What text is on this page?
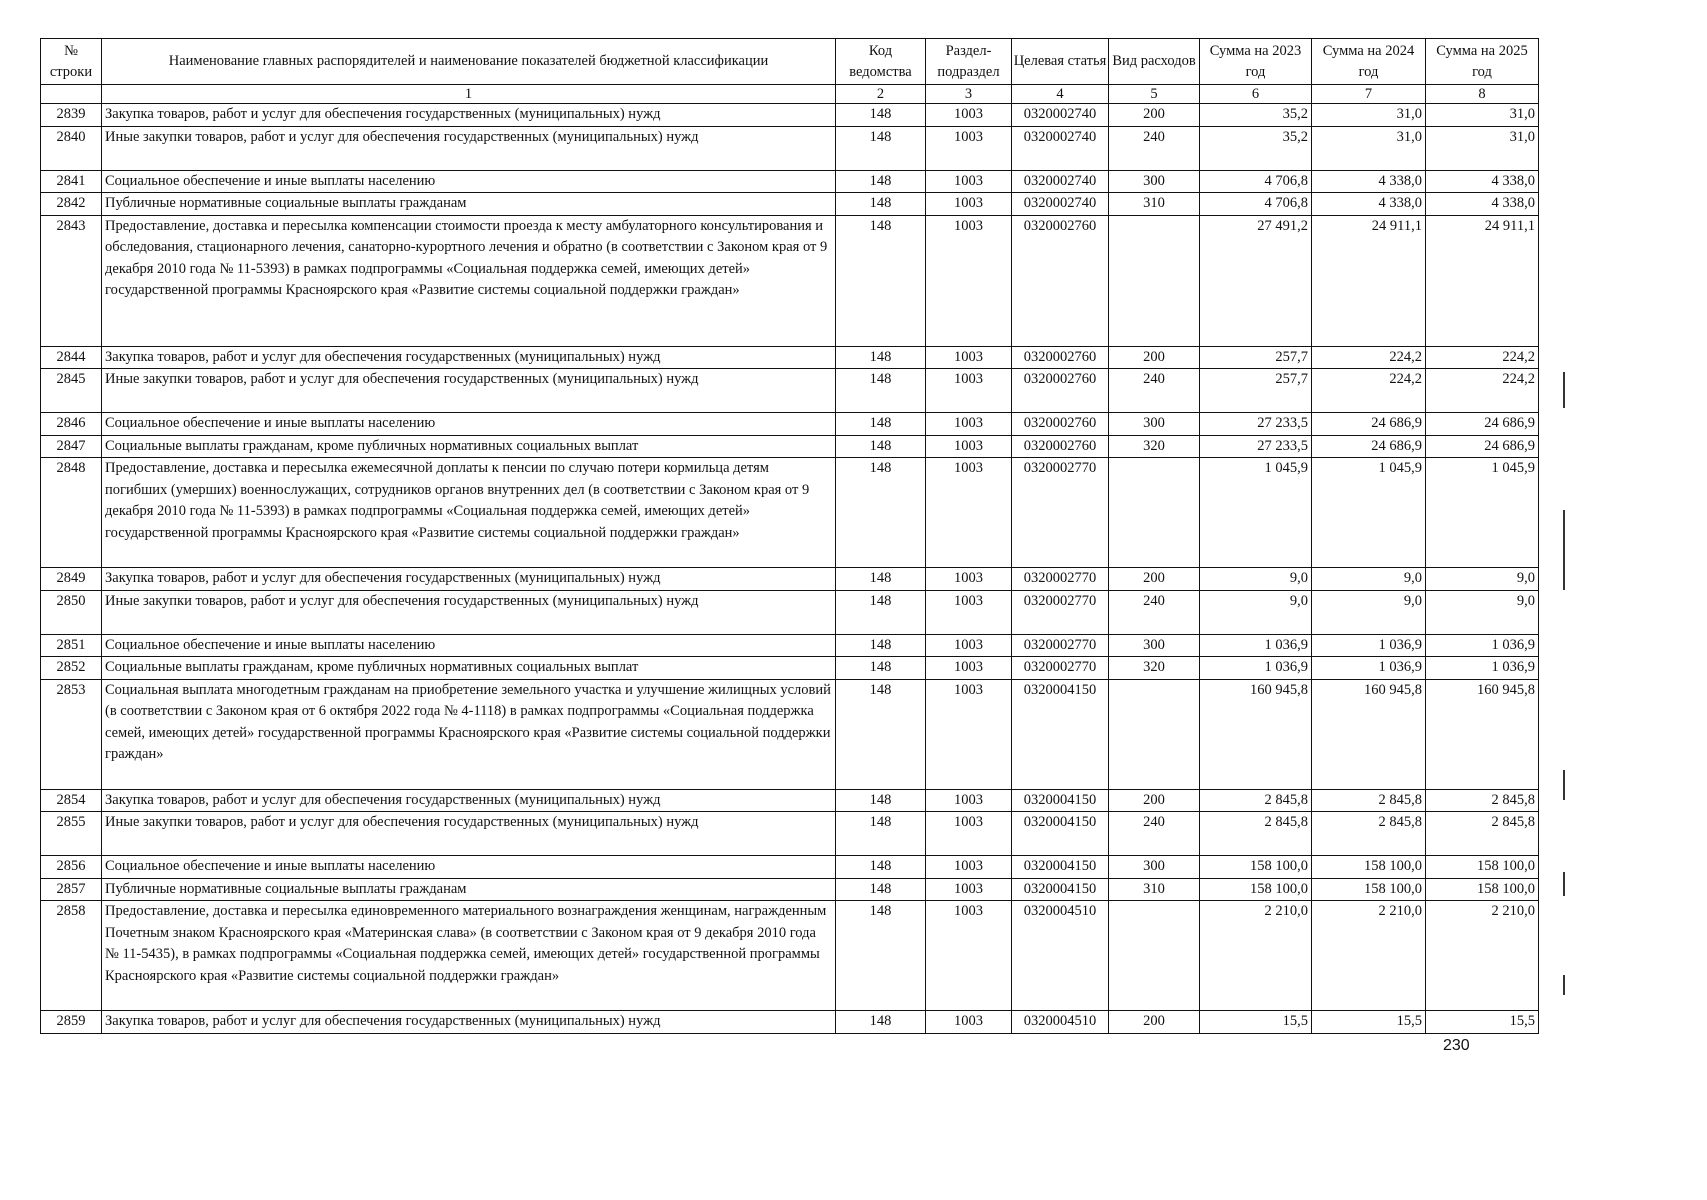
№ строки	Наименование главных распорядителей и наименование показателей бюджетной классификации	Код ведомства	Раздел-подраздел	Целевая статья	Вид расходов	Сумма на 2023 год	Сумма на 2024 год	Сумма на 2025 год
	1	2	3	4	5	6	7	8
2839	Закупка товаров, работ и услуг для обеспечения государственных (муниципальных) нужд	148	1003	0320002740	200	35,2	31,0	31,0
2840	Иные закупки товаров, работ и услуг для обеспечения государственных (муниципальных) нужд	148	1003	0320002740	240	35,2	31,0	31,0
2841	Социальное обеспечение и иные выплаты населению	148	1003	0320002740	300	4 706,8	4 338,0	4 338,0
2842	Публичные нормативные социальные выплаты гражданам	148	1003	0320002740	310	4 706,8	4 338,0	4 338,0
2843	Предоставление, доставка и пересылка компенсации стоимости проезда к месту амбулаторного консультирования и обследования, стационарного лечения, санаторно-курортного лечения и обратно (в соответствии с Законом края от 9 декабря 2010 года № 11-5393) в рамках подпрограммы «Социальная поддержка семей, имеющих детей» государственной программы Красноярского края «Развитие системы социальной поддержки граждан»	148	1003	0320002760		27 491,2	24 911,1	24 911,1
2844	Закупка товаров, работ и услуг для обеспечения государственных (муниципальных) нужд	148	1003	0320002760	200	257,7	224,2	224,2
2845	Иные закупки товаров, работ и услуг для обеспечения государственных (муниципальных) нужд	148	1003	0320002760	240	257,7	224,2	224,2
2846	Социальное обеспечение и иные выплаты населению	148	1003	0320002760	300	27 233,5	24 686,9	24 686,9
2847	Социальные выплаты гражданам, кроме публичных нормативных социальных выплат	148	1003	0320002760	320	27 233,5	24 686,9	24 686,9
2848	Предоставление, доставка и пересылка ежемесячной доплаты к пенсии по случаю потери кормильца детям погибших (умерших) военнослужащих, сотрудников органов внутренних дел (в соответствии с Законом края от 9 декабря 2010 года № 11-5393) в рамках подпрограммы «Социальная поддержка семей, имеющих детей» государственной программы Красноярского края «Развитие системы социальной поддержки граждан»	148	1003	0320002770		1 045,9	1 045,9	1 045,9
2849	Закупка товаров, работ и услуг для обеспечения государственных (муниципальных) нужд	148	1003	0320002770	200	9,0	9,0	9,0
2850	Иные закупки товаров, работ и услуг для обеспечения государственных (муниципальных) нужд	148	1003	0320002770	240	9,0	9,0	9,0
2851	Социальное обеспечение и иные выплаты населению	148	1003	0320002770	300	1 036,9	1 036,9	1 036,9
2852	Социальные выплаты гражданам, кроме публичных нормативных социальных выплат	148	1003	0320002770	320	1 036,9	1 036,9	1 036,9
2853	Социальная выплата многодетным гражданам на приобретение земельного участка и улучшение жилищных условий (в соответствии с Законом края от 6 октября 2022 года № 4-1118) в рамках подпрограммы «Социальная поддержка семей, имеющих детей» государственной программы Красноярского края «Развитие системы социальной поддержки граждан»	148	1003	0320004150		160 945,8	160 945,8	160 945,8
2854	Закупка товаров, работ и услуг для обеспечения государственных (муниципальных) нужд	148	1003	0320004150	200	2 845,8	2 845,8	2 845,8
2855	Иные закупки товаров, работ и услуг для обеспечения государственных (муниципальных) нужд	148	1003	0320004150	240	2 845,8	2 845,8	2 845,8
2856	Социальное обеспечение и иные выплаты населению	148	1003	0320004150	300	158 100,0	158 100,0	158 100,0
2857	Публичные нормативные социальные выплаты гражданам	148	1003	0320004150	310	158 100,0	158 100,0	158 100,0
2858	Предоставление, доставка и пересылка единовременного материального вознаграждения женщинам, награжденным Почетным знаком Красноярского края «Материнская слава» (в соответствии с Законом края от 9 декабря 2010 года № 11-5435), в рамках подпрограммы «Социальная поддержка семей, имеющих детей» государственной программы Красноярского края «Развитие системы социальной поддержки граждан»	148	1003	0320004510		2 210,0	2 210,0	2 210,0
2859	Закупка товаров, работ и услуг для обеспечения государственных (муниципальных) нужд	148	1003	0320004510	200	15,5	15,5	15,5
230
